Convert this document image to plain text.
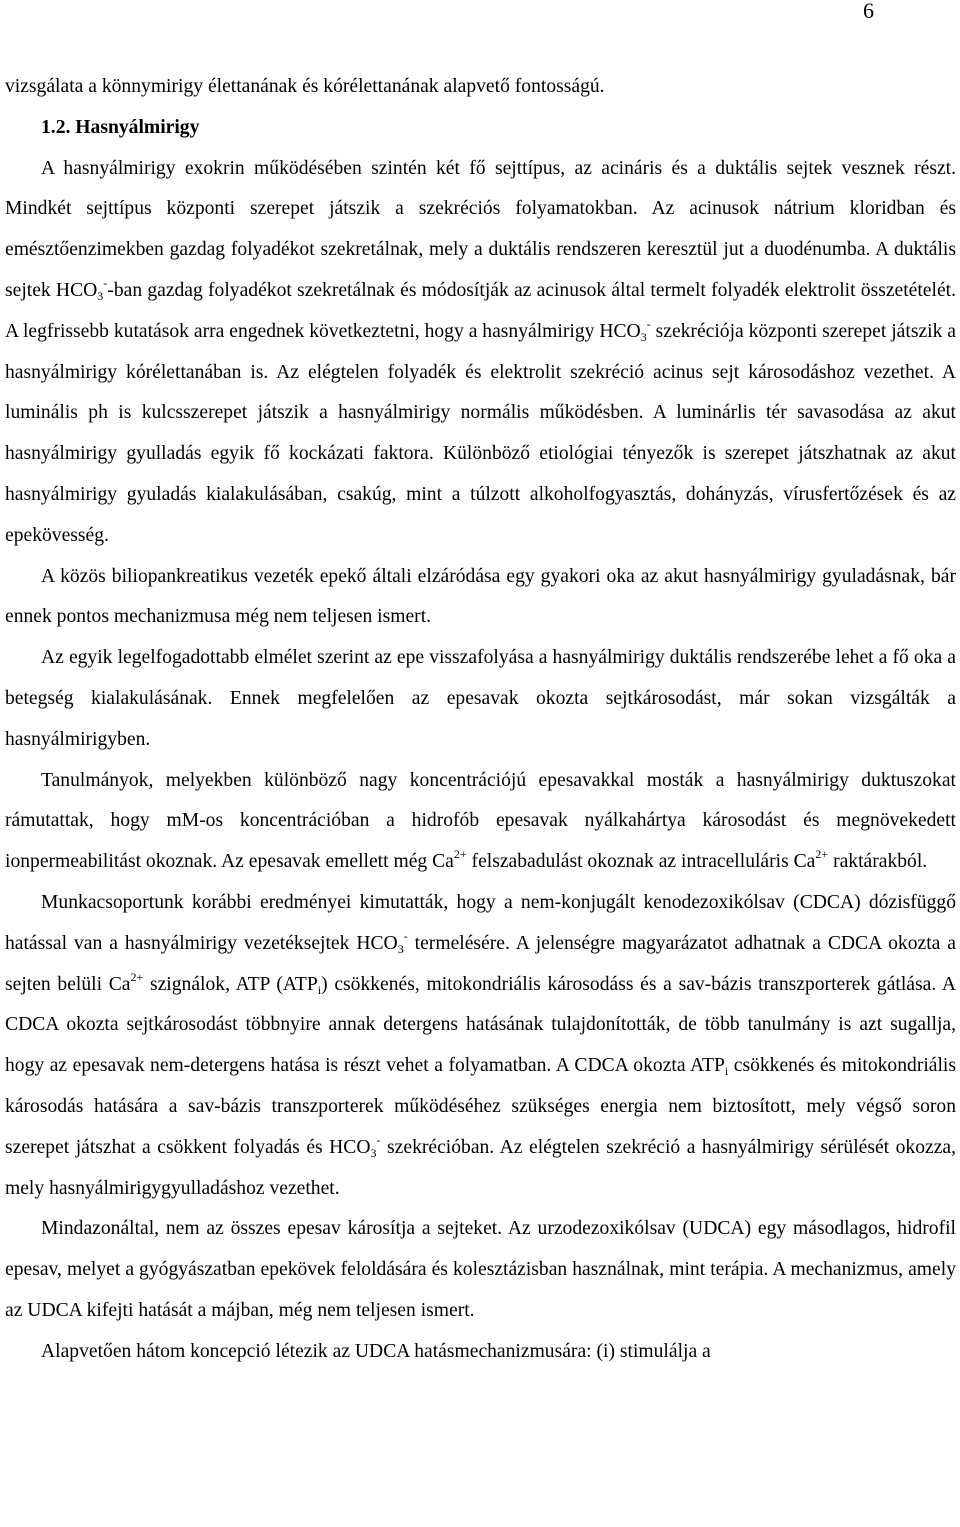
6

vizsgálata a könnymirigy élettanának és kórélettanának alapvető fontosságú.

1.2. Hasnyálmirigy

A hasnyálmirigy exokrin működésében szintén két fő sejttípus, az acináris és a duktális sejtek vesznek részt. Mindkét sejttípus központi szerepet játszik a szekréciós folyamatokban. Az acinusok nátrium kloridban és emésztőenzimekben gazdag folyadékot szekretálnak, mely a duktális rendszeren keresztül jut a duodénumba. A duktális sejtek $HCO_3^-$-ban gazdag folyadékot szekretálnak és módosítják az acinusok által termelt folyadék elektrolit összetételét. A legfrissebb kutatások arra engednek következtetni, hogy a hasnyálmirigy $HCO_3^-$ szekréciója központi szerepet játszik a hasnyálmirigy kórélettanában is. Az elégtelen folyadék és elektrolit szekréció acinus sejt károsodáshoz vezethet. A luminális ph is kulcsszerepet játszik a hasnyálmirigy normális működésben. A luminárlis tér savasodása az akut hasnyálmirigy gyulladás egyik fő kockázati faktora. Különböző etiológiai tényezők is szerepet játszhatnak az akut hasnyálmirigy gyuladás kialakulásában, csakúg, mint a túlzott alkoholfogyasztás, dohányzás, vírusfertőzések és az epekövesség.

A közös biliopankreatikus vezeték epekő általi elzáródása egy gyakori oka az akut hasnyálmirigy gyuladásnak, bár ennek pontos mechanizmusa még nem teljesen ismert.

Az egyik legelfogadottabb elmélet szerint az epe visszafolyása a hasnyálmirigy duktális rendszerébe lehet a fő oka a betegség kialakulásának. Ennek megfelelően az epesavak okozta sejtkárosodást, már sokan vizsgálták a hasnyálmirigyben.

Tanulmányok, melyekben különböző nagy koncentrációjú epesavakkal mosták a hasnyálmirigy duktuszokat rámutattak, hogy mM-os koncentrációban a hidrofób epesavak nyálkahártya károsodást és megnövekedett ionpermeabilitást okoznak. Az epesavak emellett még $Ca^{2+}$ felszabadulást okoznak az intracelluláris $Ca^{2+}$ raktárakból.

Munkacsoportunk korábbi eredményei kimutatták, hogy a nem-konjugált kenodezoxikólsav (CDCA) dózisfüggő hatással van a hasnyálmirigy vezetéksejtek $HCO_3^-$ termelésére. A jelenségre magyarázatot adhatnak a CDCA okozta a sejten belüli $Ca^{2+}$ szignálok, ATP $(ATP_i)$ csökkenés, mitokondriális károsodáss és a sav-bázis transzporterek gátlása. A CDCA okozta sejtkárosodást többnyire annak detergens hatásának tulajdonították, de több tanulmány is azt sugallja, hogy az epesavak nem-detergens hatása is részt vehet a folyamatban. A CDCA okozta $ATP_i$ csökkenés és mitokondriális károsodás hatására a sav-bázis transzporterek működéséhez szükséges energia nem biztosított, mely végső soron szerepet játszhat a csökkent folyadás és $HCO_3^-$ szekrécióban. Az elégtelen szekréció a hasnyálmirigy sérülését okozza, mely hasnyálmirigygyulladáshoz vezethet.

Mindazonáltal, nem az összes epesav károsítja a sejteket. Az urzodezoxikólsav (UDCA) egy másodlagos, hidrofil epesav, melyet a gyógyászatban epekövek feloldására és kolesztázisban használnak, mint terápia. A mechanizmus, amely az UDCA kifejti hatását a májban, még nem teljesen ismert.

Alapvetően hátom koncepció létezik az UDCA hatásmechanizmusára: (i) stimulálja a
